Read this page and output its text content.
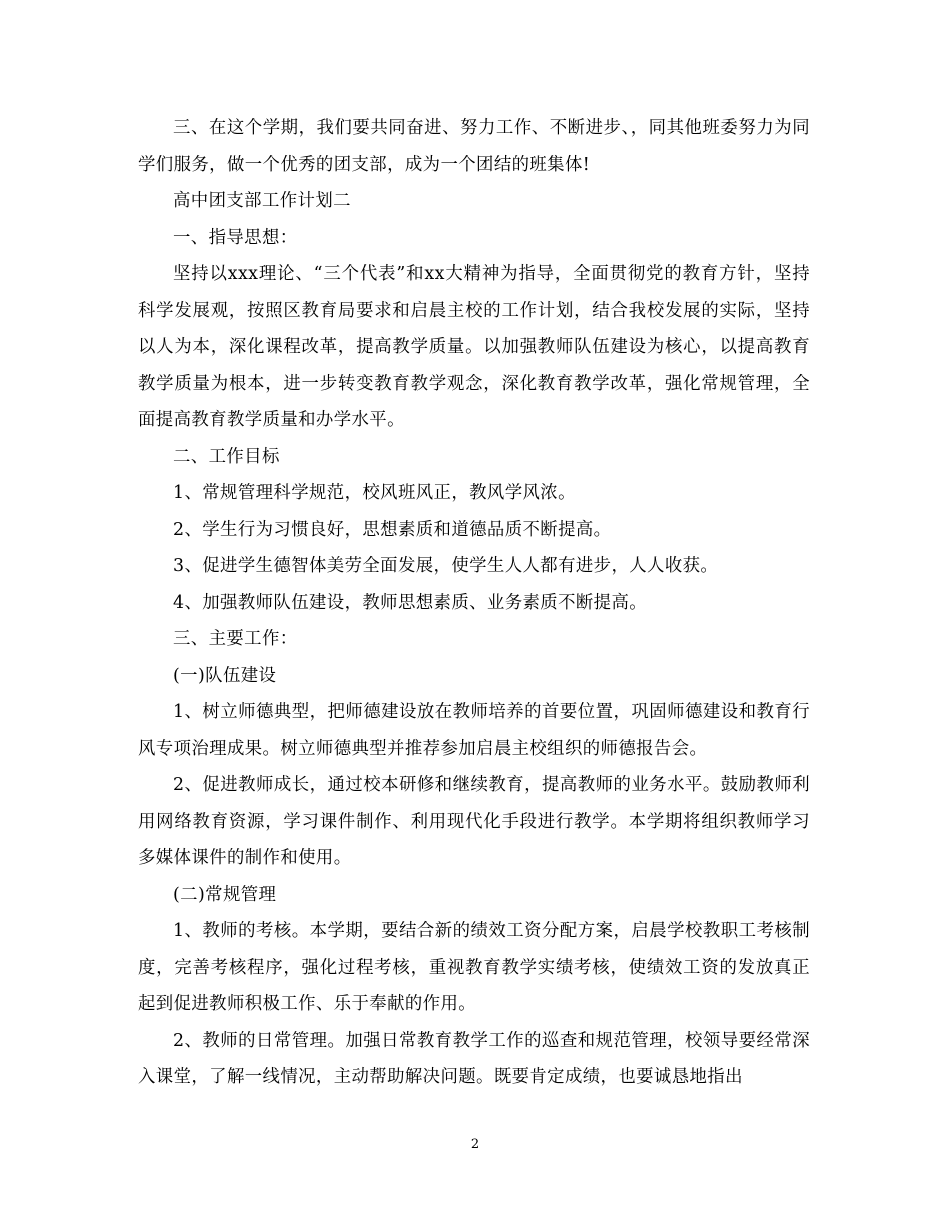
三、在这个学期，我们要共同奋进、努力工作、不断进步、，同其他班委努力为同学们服务，做一个优秀的团支部，成为一个团结的班集体!

高中团支部工作计划二

一、指导思想：

坚持以xxx理论、“三个代表”和xx大精神为指导，全面贯彻党的教育方针，坚持科学发展观，按照区教育局要求和启晨主校的工作计划，结合我校发展的实际，坚持以人为本，深化课程改革，提高教学质量。以加强教师队伍建设为核心，以提高教育教学质量为根本，进一步转变教育教学观念，深化教育教学改革，强化常规管理，全面提高教育教学质量和办学水平。

二、工作目标

1、常规管理科学规范，校风班风正，教风学风浓。

2、学生行为习惯良好，思想素质和道德品质不断提高。

3、促进学生德智体美劳全面发展，使学生人人都有进步，人人收获。

4、加强教师队伍建设，教师思想素质、业务素质不断提高。

三、主要工作：

(一)队伍建设

1、树立师德典型，把师德建设放在教师培养的首要位置，巩固师德建设和教育行风专项治理成果。树立师德典型并推荐参加启晨主校组织的师德报告会。

2、促进教师成长，通过校本研修和继续教育，提高教师的业务水平。鼓励教师利用网络教育资源，学习课件制作、利用现代化手段进行教学。本学期将组织教师学习多媒体课件的制作和使用。

(二)常规管理

1、教师的考核。本学期，要结合新的绩效工资分配方案，启晨学校教职工考核制度，完善考核程序，强化过程考核，重视教育教学实绩考核，使绩效工资的发放真正起到促进教师积极工作、乐于奉献的作用。

2、教师的日常管理。加强日常教育教学工作的巡查和规范管理，校领导要经常深入课堂，了解一线情况，主动帮助解决问题。既要肯定成绩，也要诚恳地指出

2
